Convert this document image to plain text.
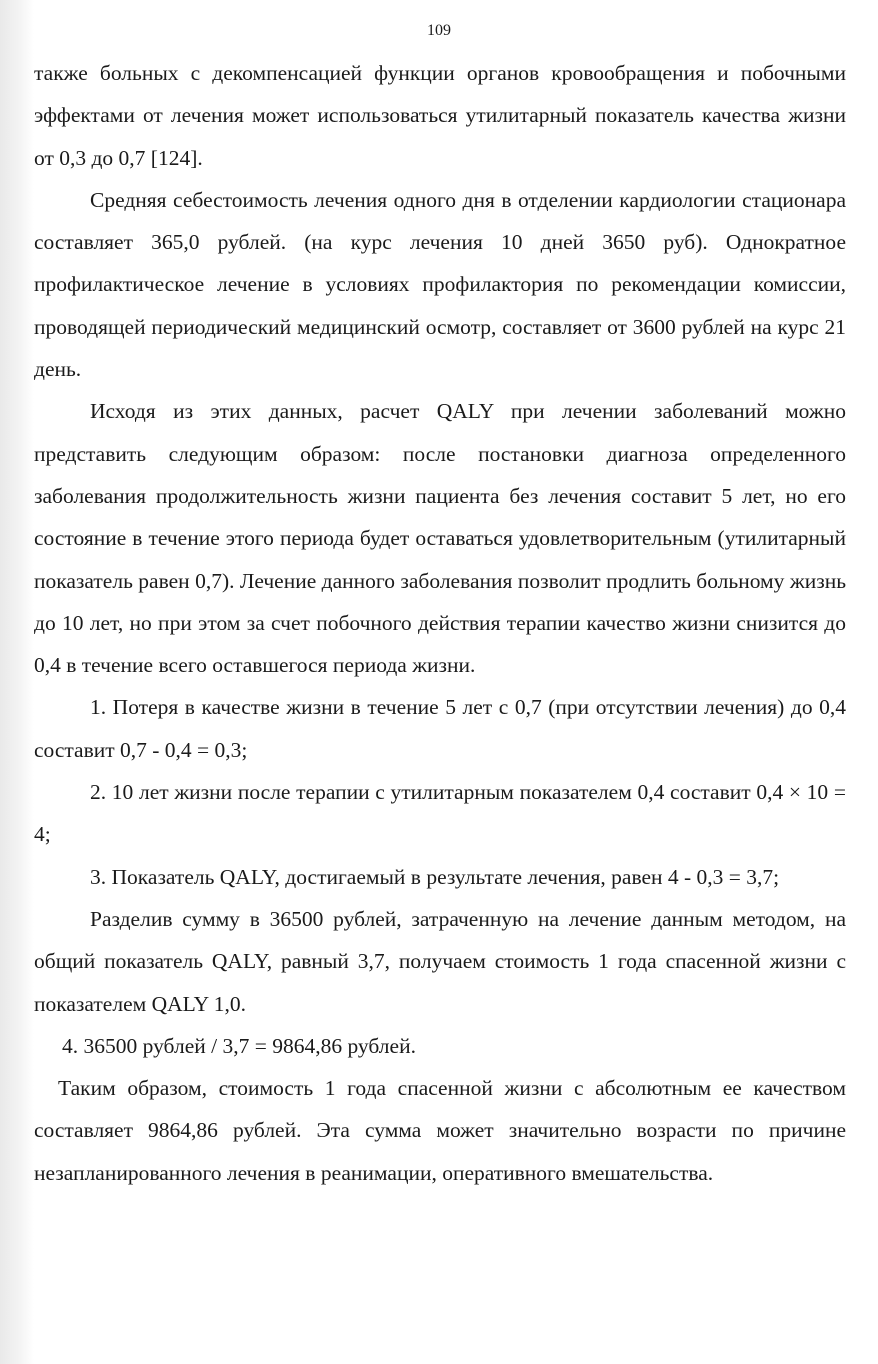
109

также больных с декомпенсацией функции органов кровообращения и побочными эффектами от лечения может использоваться утилитарный показатель качества жизни от 0,3 до 0,7 [124].

Средняя себестоимость лечения одного дня в отделении кардиологии стационара составляет 365,0 рублей. (на курс лечения 10 дней 3650 руб). Однократное профилактическое лечение в условиях профилактория по рекомендации комиссии, проводящей периодический медицинский осмотр, составляет от 3600 рублей на курс 21 день.

Исходя из этих данных, расчет QALY при лечении заболеваний можно представить следующим образом: после постановки диагноза определенного заболевания продолжительность жизни пациента без лечения составит 5 лет, но его состояние в течение этого периода будет оставаться удовлетворительным (утилитарный показатель равен 0,7). Лечение данного заболевания позволит продлить больному жизнь до 10 лет, но при этом за счет побочного действия терапии качество жизни снизится до 0,4 в течение всего оставшегося периода жизни.

1. Потеря в качестве жизни в течение 5 лет с 0,7 (при отсутствии лечения) до 0,4 составит 0,7 - 0,4 = 0,3;

2. 10 лет жизни после терапии с утилитарным показателем 0,4 составит 0,4 × 10 = 4;

3. Показатель QALY, достигаемый в результате лечения, равен 4 - 0,3 = 3,7;

Разделив сумму в 36500 рублей, затраченную на лечение данным методом, на общий показатель QALY, равный 3,7, получаем стоимость 1 года спасенной жизни с показателем QALY 1,0.

4. 36500 рублей / 3,7 = 9864,86 рублей.

Таким образом, стоимость 1 года спасенной жизни с абсолютным ее качеством составляет 9864,86 рублей. Эта сумма может значительно возрасти по причине незапланированного лечения в реанимации, оперативного вмешательства.
